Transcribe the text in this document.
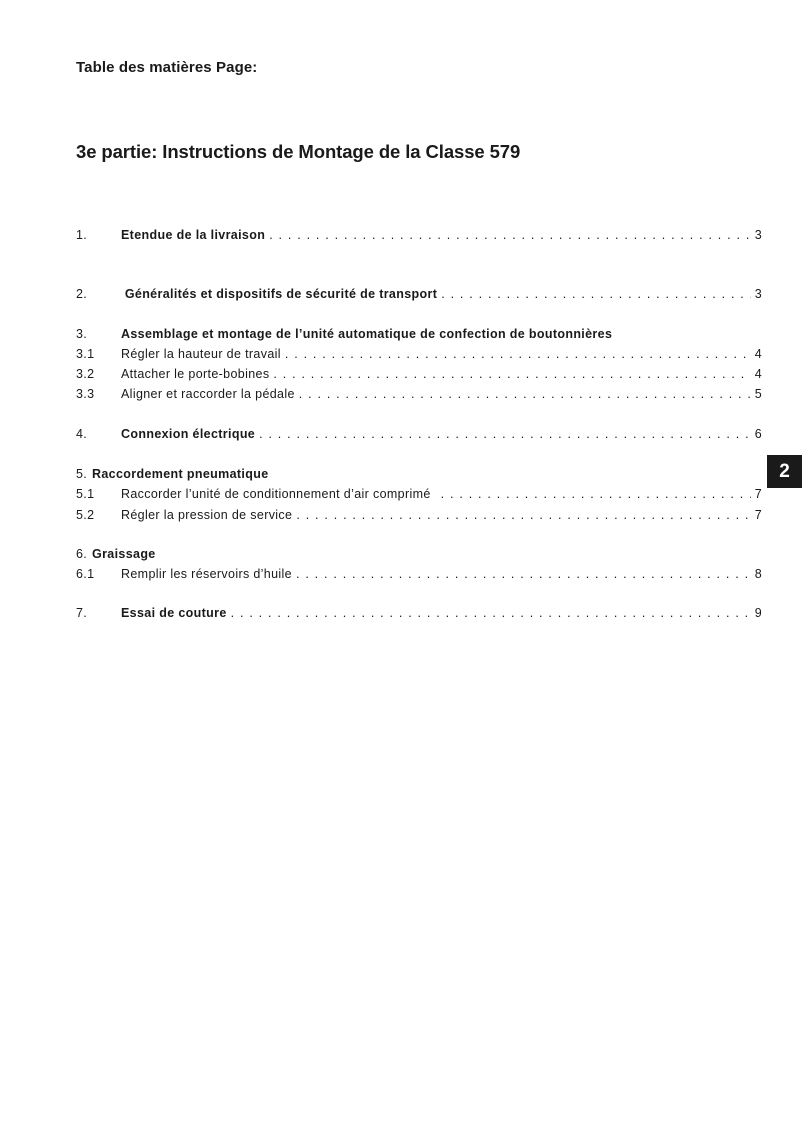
Table des matières Page:
3e partie: Instructions de Montage de la Classe 579
1.	Etendue de la livraison . . .	3
2.	Généralités et dispositifs de sécurité de transport . . .	3
3.	Assemblage et montage de l’unité automatique de confection de boutonnières
3.1 Régler la hauteur de travail . . .	4
3.2 Attacher le porte-bobines . . .	4
3.3 Aligner et raccorder la pédale . . .	5
4.	Connexion électrique . . .	6
5. Raccordement pneumatique
5.1 Raccorder l’unité de conditionnement d’air comprimé . . .	7
5.2 Régler la pression de service . . .	7
6. Graissage
6.1 Remplir les réservoirs d’huile . . .	8
7.	Essai de couture . . .	9
2
